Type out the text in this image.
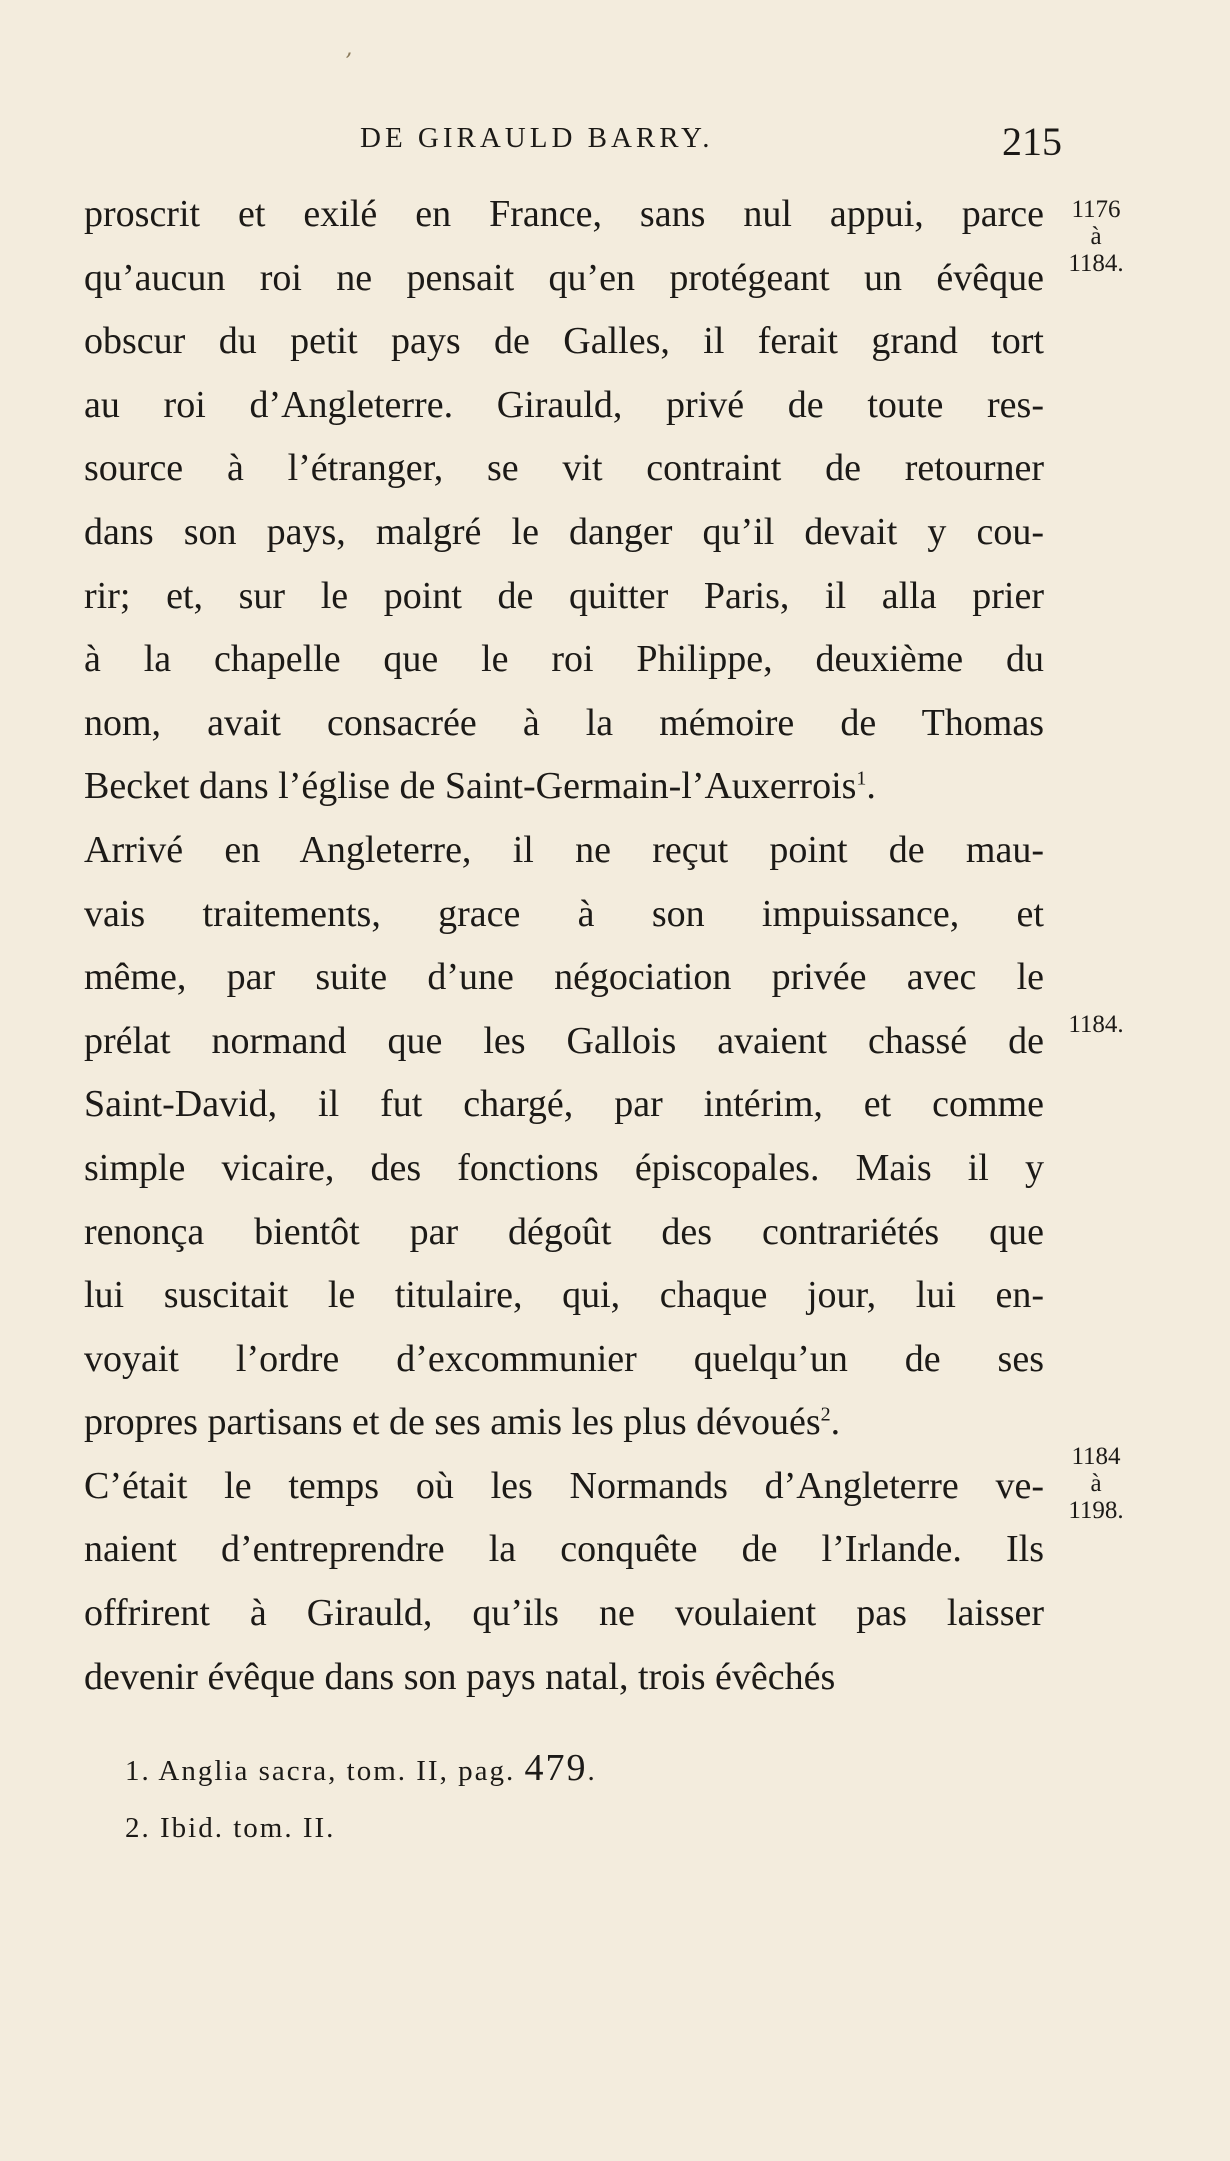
’
DE GIRAULD BARRY.	215
proscrit et exilé en France, sans nul appui, parce
qu’aucun roi ne pensait qu’en protégeant un évêque
obscur du petit pays de Galles, il ferait grand tort
au roi d’Angleterre. Girauld, privé de toute res-
source à l’étranger, se vit contraint de retourner
dans son pays, malgré le danger qu’il devait y cou-
rir; et, sur le point de quitter Paris, il alla prier
à la chapelle que le roi Philippe, deuxième du
nom, avait consacrée à la mémoire de Thomas
Becket dans l’église de Saint-Germain-l’Auxerrois$^1$.
Arrivé en Angleterre, il ne reçut point de mau-
vais traitements, grace à son impuissance, et
même, par suite d’une négociation privée avec le
prélat normand que les Gallois avaient chassé de
Saint-David, il fut chargé, par intérim, et comme
simple vicaire, des fonctions épiscopales. Mais il y
renonça bientôt par dégoût des contrariétés que
lui suscitait le titulaire, qui, chaque jour, lui en-
voyait l’ordre d’excommunier quelqu’un de ses
propres partisans et de ses amis les plus dévoués$^2$.
C’était le temps où les Normands d’Angleterre ve-
naient d’entreprendre la conquête de l’Irlande. Ils
offrirent à Girauld, qu’ils ne voulaient pas laisser
devenir évêque dans son pays natal, trois évêchés
1176
à
1184.
1184.
1184
à
1198.
1. Anglia sacra, tom. II, pag. 479.
2. Ibid. tom. II.
